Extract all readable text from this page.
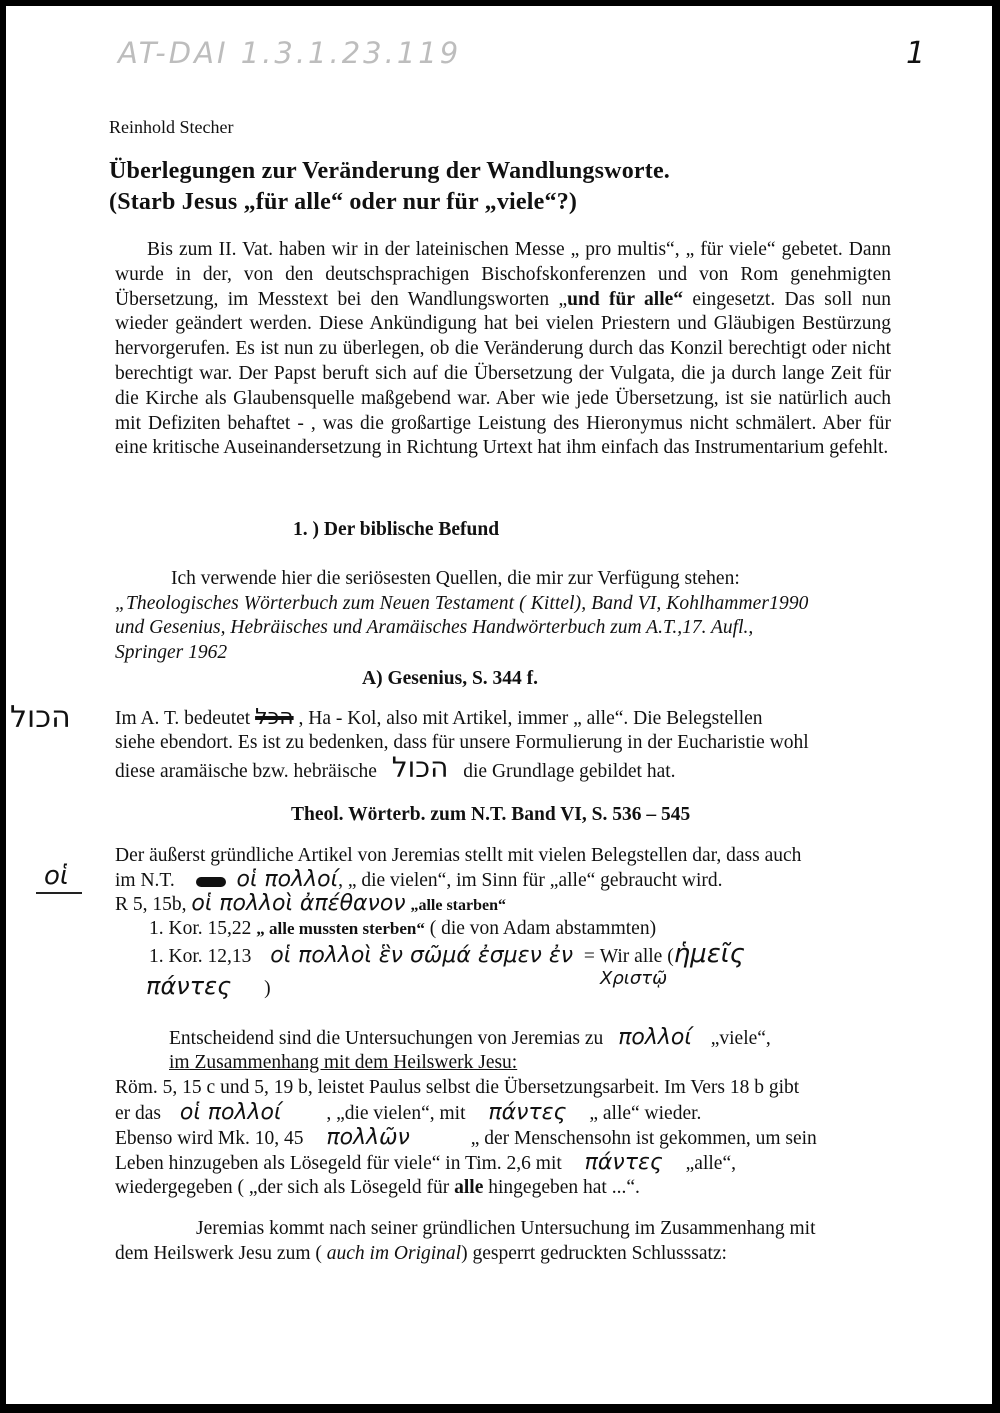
AT-DAI 1.3.1.23.119	1
Reinhold Stecher
Überlegungen zur Veränderung der Wandlungsworte.
(Starb Jesus „für alle“ oder nur für „viele“?)
Bis zum II. Vat. haben wir in der lateinischen Messe „ pro multis“, „ für viele“ gebetet. Dann wurde in der, von den deutschsprachigen Bischofskonferenzen und von Rom genehmigten Übersetzung, im Messtext bei den Wandlungsworten „und für alle“ eingesetzt. Das soll nun wieder geändert werden. Diese Ankündigung hat bei vielen Priestern und Gläubigen Bestürzung hervorgerufen. Es ist nun zu überlegen, ob die Veränderung durch das Konzil berechtigt oder nicht berechtigt war. Der Papst beruft sich auf die Übersetzung der Vulgata, die ja durch lange Zeit für die Kirche als Glaubensquelle maßgebend war. Aber wie jede Übersetzung, ist sie natürlich auch mit Defiziten behaftet - , was die großartige Leistung des Hieronymus nicht schmälert. Aber für eine kritische Auseinandersetzung in Richtung Urtext hat ihm einfach das Instrumentarium gefehlt.
1. ) Der biblische Befund
Ich verwende hier die seriösesten Quellen, die mir zur Verfügung stehen:
„Theologisches Wörterbuch zum Neuen Testament ( Kittel), Band VI, Kohlhammer1990
und Gesenius, Hebräisches und Aramäisches Handwörterbuch zum A.T.,17. Aufl.,
Springer 1962
A) Gesenius, S. 344 f.
הכול Im A. T. bedeutet הכל , Ha - Kol, also mit Artikel, immer „ alle“. Die Belegstellen
siehe ebendort. Es ist zu bedenken, dass für unsere Formulierung in der Eucharistie wohl
diese aramäische bzw. hebräische הכול die Grundlage gebildet hat.
Theol. Wörterb. zum N.T. Band VI, S. 536 – 545
οἱ
Der äußerst gründliche Artikel von Jeremias stellt mit vielen Belegstellen dar, dass auch
im N.T.	οἱ πολλοί, „ die vielen“, im Sinn für „alle“ gebraucht wird.
R 5, 15b, οἱ πολλοὶ ἀπέθανον „alle starben“
1. Kor. 15,22 „ alle mussten sterben“ ( die von Adam abstammten)
1. Kor. 12,13 οἱ πολλοὶ ἓν σῶμά ἐσμεν ἐν = Wir alle (ἡμεῖς
Χριστῷ
πάντες )
Entscheidend sind die Untersuchungen von Jeremias zu πολλοί „viele“,
im Zusammenhang mit dem Heilswerk Jesu:
Röm. 5, 15 c und 5, 19 b, leistet Paulus selbst die Übersetzungsarbeit. Im Vers 18 b gibt
er das οἱ πολλοί , „die vielen“, mit πάντες „ alle“ wieder.
Ebenso wird Mk. 10, 45 πολλῶν	„ der Menschensohn ist gekommen, um sein
Leben hinzugeben als Lösegeld für viele“ in Tim. 2,6 mit πάντες „alle“,
wiedergegeben ( „der sich als Lösegeld für alle hingegeben hat ...“.
Jeremias kommt nach seiner gründlichen Untersuchung im Zusammenhang mit
dem Heilswerk Jesu zum ( auch im Original) gesperrt gedruckten Schlusssatz:
